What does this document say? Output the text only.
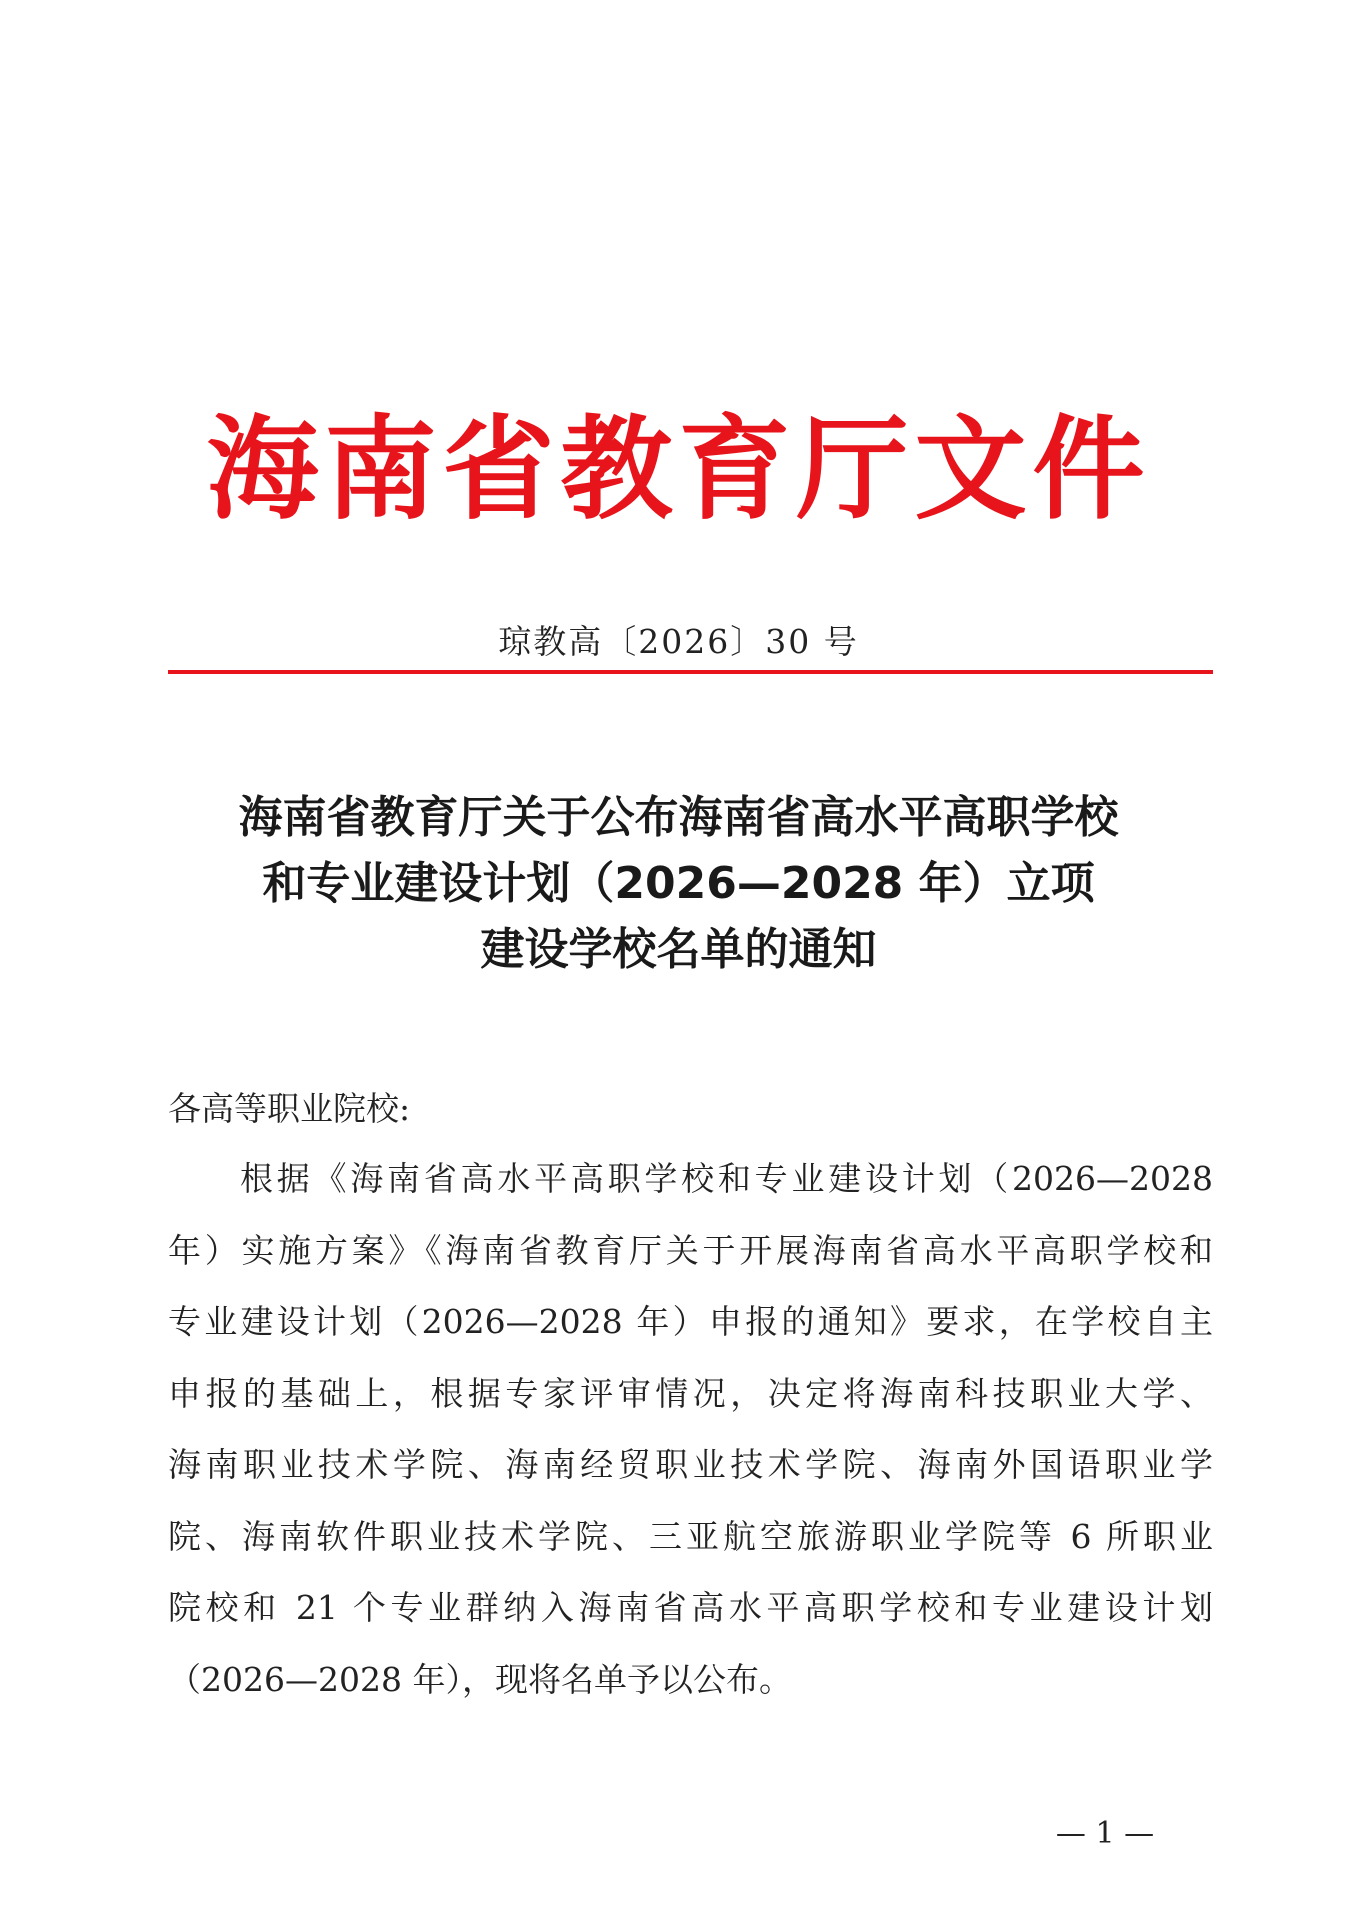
海南省教育厅文件
琼教高〔2026〕30 号
海南省教育厅关于公布海南省高水平高职学校
和专业建设计划（2026—2028 年）立项
建设学校名单的通知
各高等职业院校:
根据《海南省高水平高职学校和专业建设计划（2026—2028
年）实施方案》《海南省教育厅关于开展海南省高水平高职学校和
专业建设计划（2026—2028 年）申报的通知》要求，在学校自主
申报的基础上，根据专家评审情况，决定将海南科技职业大学、
海南职业技术学院、海南经贸职业技术学院、海南外国语职业学
院、海南软件职业技术学院、三亚航空旅游职业学院等 6 所职业
院校和 21 个专业群纳入海南省高水平高职学校和专业建设计划
（2026—2028 年），现将名单予以公布。
— 1 —
